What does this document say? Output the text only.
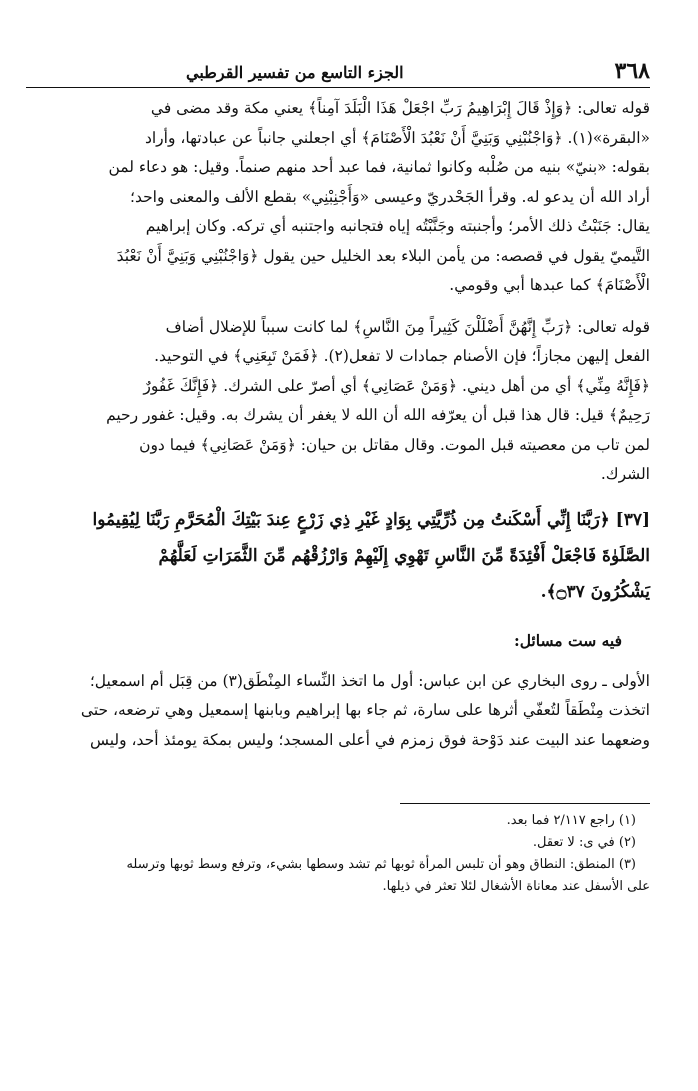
٣٦٨
الجزء التاسع من تفسير القرطبي

قوله تعالى: ﴿وَإِذْ قَالَ إِبْرَاهِيمُ رَبِّ اجْعَلْ هَذَا الْبَلَدَ آمِناً﴾ يعني مكة وقد مضى في

«البقرة»(١). ﴿وَاجْنُبْنِي وَبَنِيَّ أَنْ نَعْبُدَ الْأَصْنَامَ﴾ أي اجعلني جانباً عن عبادتها، وأراد

بقوله: «بنيّ» بنيه من صُلْبه وكانوا ثمانية، فما عبد أحد منهم صنماً. وقيل: هو دعاء لمن

أراد الله أن يدعو له. وقرأ الجَحْدريّ وعيسى «وَأَجْنِبْنِي» بقطع الألف والمعنى واحد؛

يقال: جَنَبْتُ ذلك الأمر؛ وأجنبته وجَنَّبْتُه إياه فتجانبه واجتنبه أي تركه. وكان إبراهيم

التَّيميّ يقول في قصصه: من يأمن البلاء بعد الخليل حين يقول ﴿وَاجْنُبْنِي وَبَنِيَّ أَنْ نَعْبُدَ

الْأَصْنَامَ﴾ كما عبدها أبي وقومي.

قوله تعالى: ﴿رَبِّ إِنَّهُنَّ أَضْلَلْنَ كَثِيراً مِنَ النَّاسِ﴾ لما كانت سبباً للإضلال أضاف

الفعل إليهن مجازاً؛ فإن الأصنام جمادات لا تفعل(٢). ﴿فَمَنْ تَبِعَنِي﴾ في التوحيد.

﴿فَإِنَّهُ مِنِّي﴾ أي من أهل ديني. ﴿وَمَنْ عَصَانِي﴾ أي أصرّ على الشرك. ﴿فَإِنَّكَ غَفُورٌ

رَحِيمٌ﴾ قيل: قال هذا قبل أن يعرّفه الله أن الله لا يغفر أن يشرك به. وقيل: غفور رحيم

لمن تاب من معصيته قبل الموت. وقال مقاتل بن حيان: ﴿وَمَنْ عَصَانِي﴾ فيما دون

الشرك.

[٣٧] ﴿رَبَّنَا إِنِّي أَسْكَنتُ مِن ذُرِّيَّتِي بِوَادٍ غَيْرِ ذِي زَرْعٍ عِندَ بَيْتِكَ الْمُحَرَّمِ رَبَّنَا لِيُقِيمُوا

الصَّلَوٰةَ فَاجْعَلْ أَفْئِدَةً مِّنَ النَّاسِ تَهْوِي إِلَيْهِمْ وَارْزُقْهُم مِّنَ الثَّمَرَاتِ لَعَلَّهُمْ

يَشْكُرُونَ ۝٣٧﴾.

فيه ست مسائل:

الأولى ـ روى البخاري عن ابن عباس: أول ما اتخذ النِّساء المِنْطَق(٣) من قِبَل أم اسمعيل؛

اتخذت مِنْطَقاً لتُعفّي أثرها على سارة، ثم جاء بها إبراهيم وبابنها إسمعيل وهي ترضعه، حتى

وضعهما عند البيت عند دَوْحة فوق زمزم في أعلى المسجد؛ وليس بمكة يومئذ أحد، وليس

(١) راجع ٢/١١٧ فما بعد.

(٢) في ى: لا تعقل.

(٣) المنطق: النطاق وهو أن تلبس المرأة ثوبها ثم تشد وسطها بشيء، وترفع وسط ثوبها وترسله

على الأسفل عند معاناة الأشغال لئلا تعثر في ذيلها.
